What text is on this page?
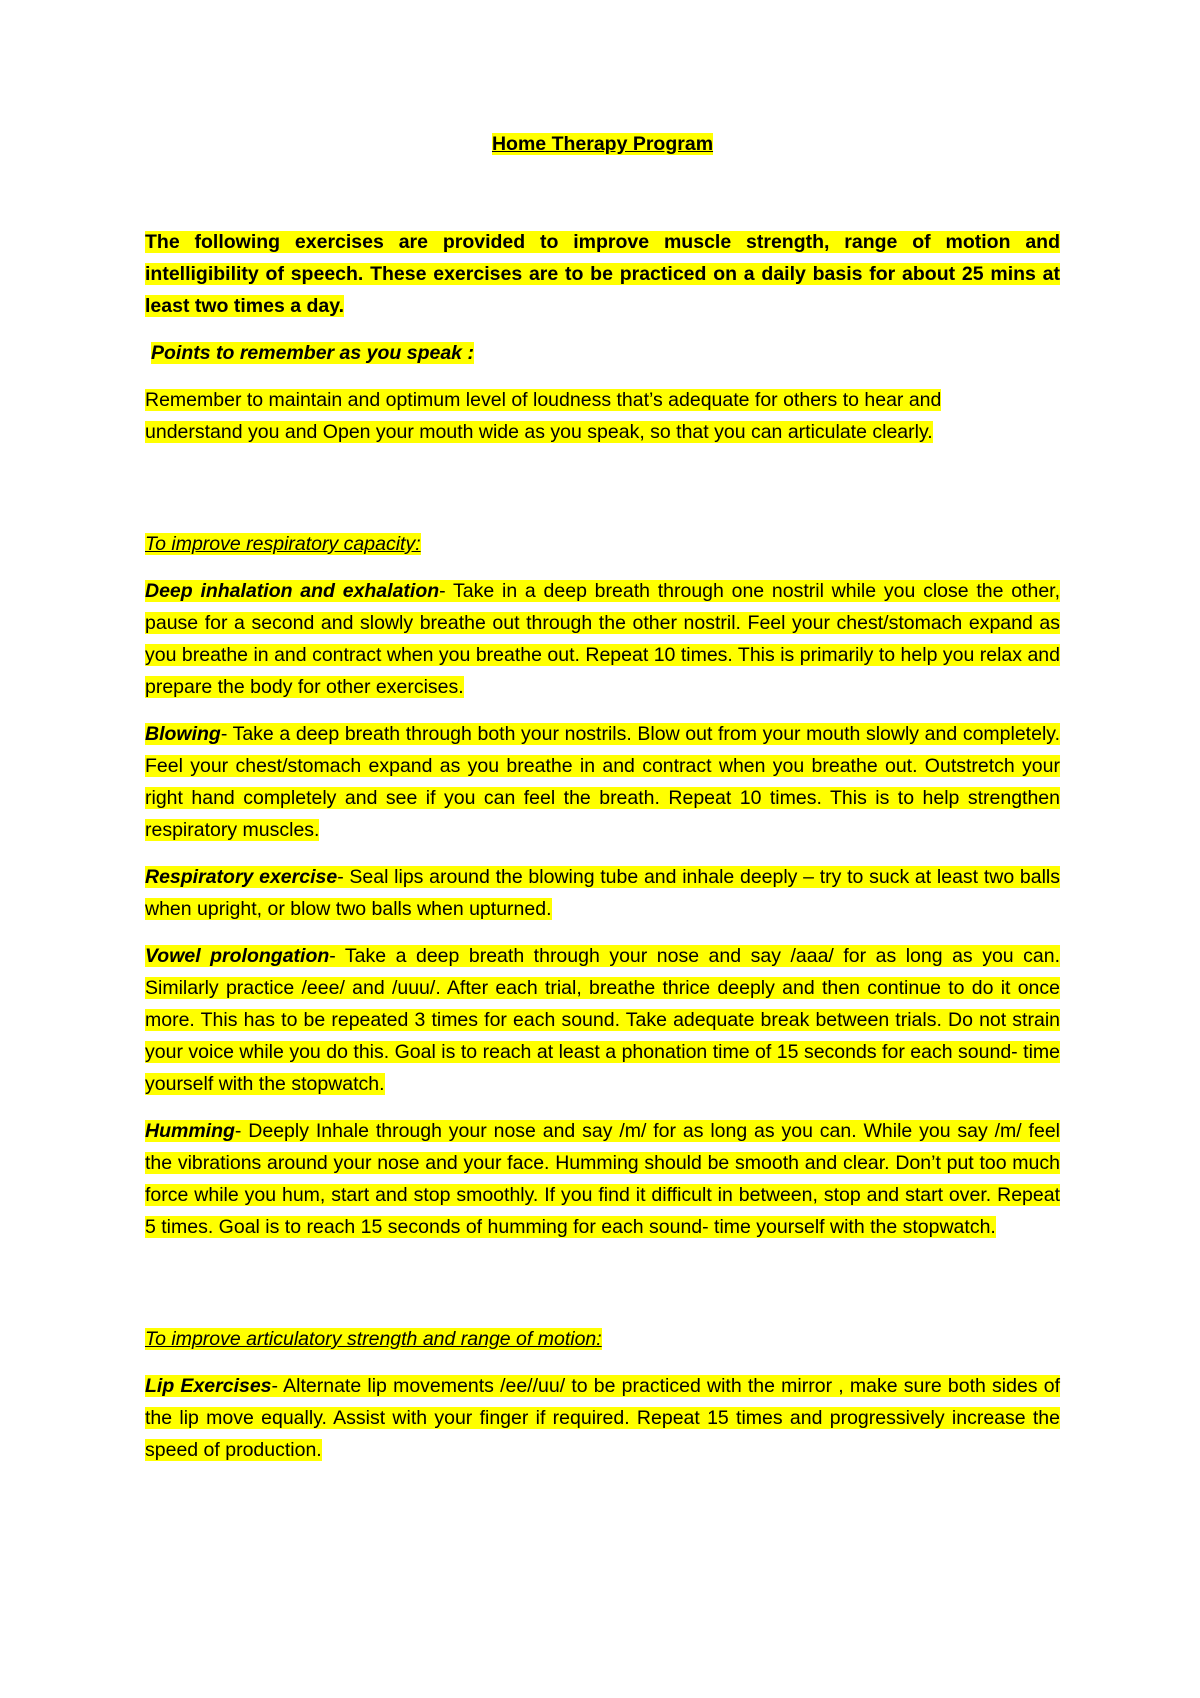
Home Therapy Program

The following exercises are provided to improve muscle strength, range of motion and intelligibility of speech. These exercises are to be practiced on a daily basis for about 25 mins at least two times a day.

Points to remember as you speak :

Remember to maintain and optimum level of loudness that’s adequate for others to hear and understand you and Open your mouth wide as you speak, so that you can articulate clearly.

To improve respiratory capacity:

Deep inhalation and exhalation- Take in a deep breath through one nostril while you close the other, pause for a second and slowly breathe out through the other nostril. Feel your chest/stomach expand as you breathe in and contract when you breathe out. Repeat 10 times. This is primarily to help you relax and prepare the body for other exercises.

Blowing- Take a deep breath through both your nostrils. Blow out from your mouth slowly and completely. Feel your chest/stomach expand as you breathe in and contract when you breathe out. Outstretch your right hand completely and see if you can feel the breath. Repeat 10 times. This is to help strengthen respiratory muscles.

Respiratory exercise- Seal lips around the blowing tube and inhale deeply – try to suck at least two balls when upright, or blow two balls when upturned.

Vowel prolongation- Take a deep breath through your nose and say /aaa/ for as long as you can. Similarly practice /eee/ and /uuu/. After each trial, breathe thrice deeply and then continue to do it once more. This has to be repeated 3 times for each sound. Take adequate break between trials. Do not strain your voice while you do this. Goal is to reach at least a phonation time of 15 seconds for each sound- time yourself with the stopwatch.

Humming- Deeply Inhale through your nose and say /m/ for as long as you can. While you say /m/ feel the vibrations around your nose and your face. Humming should be smooth and clear. Don’t put too much force while you hum, start and stop smoothly. If you find it difficult in between, stop and start over. Repeat 5 times. Goal is to reach 15 seconds of humming for each sound- time yourself with the stopwatch.

To improve articulatory strength and range of motion:

Lip Exercises- Alternate lip movements /ee//uu/ to be practiced with the mirror , make sure both sides of the lip move equally. Assist with your finger if required. Repeat 15 times and progressively increase the speed of production.
